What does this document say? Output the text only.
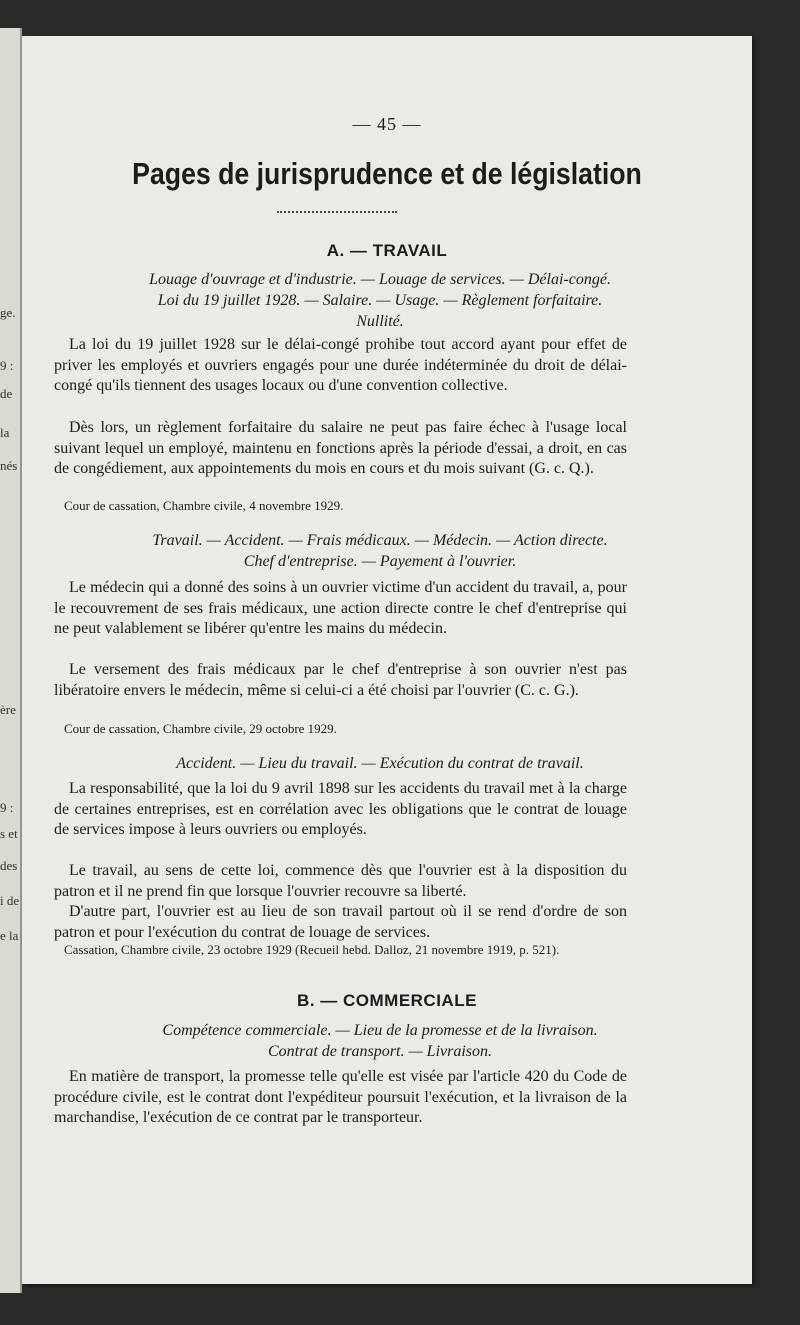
ge.
9 :
de
la
nés
ère
9 :
s et
des
i de
e la
— 45 —
Pages de jurisprudence et de législation
A. — TRAVAIL
Louage d'ouvrage et d'industrie. — Louage de services. — Délai-congé.
Loi du 19 juillet 1928. — Salaire. — Usage. — Règlement forfaitaire.
Nullité.

La loi du 19 juillet 1928 sur le délai-congé prohibe tout accord ayant pour effet de priver les employés et ouvriers engagés pour une durée indéterminée du droit de délai-congé qu'ils tiennent des usages locaux ou d'une convention collective.

Dès lors, un règlement forfaitaire du salaire ne peut pas faire échec à l'usage local suivant lequel un employé, maintenu en fonctions après la période d'essai, a droit, en cas de congédiement, aux appointements du mois en cours et du mois suivant (G. c. Q.).

Cour de cassation, Chambre civile, 4 novembre 1929.

Travail. — Accident. — Frais médicaux. — Médecin. — Action directe.
Chef d'entreprise. — Payement à l'ouvrier.

Le médecin qui a donné des soins à un ouvrier victime d'un accident du travail, a, pour le recouvrement de ses frais médicaux, une action directe contre le chef d'entreprise qui ne peut valablement se libérer qu'entre les mains du médecin.

Le versement des frais médicaux par le chef d'entreprise à son ouvrier n'est pas libératoire envers le médecin, même si celui-ci a été choisi par l'ouvrier (C. c. G.).

Cour de cassation, Chambre civile, 29 octobre 1929.

Accident. — Lieu du travail. — Exécution du contrat de travail.

La responsabilité, que la loi du 9 avril 1898 sur les accidents du travail met à la charge de certaines entreprises, est en corrélation avec les obligations que le contrat de louage de services impose à leurs ouvriers ou employés.

Le travail, au sens de cette loi, commence dès que l'ouvrier est à la disposition du patron et il ne prend fin que lorsque l'ouvrier recouvre sa liberté.

D'autre part, l'ouvrier est au lieu de son travail partout où il se rend d'ordre de son patron et pour l'exécution du contrat de louage de services.

Cassation, Chambre civile, 23 octobre 1929 (Recueil hebd. Dalloz, 21 novembre 1919, p. 521).

B. — COMMERCIALE
Compétence commerciale. — Lieu de la promesse et de la livraison.
Contrat de transport. — Livraison.

En matière de transport, la promesse telle qu'elle est visée par l'article 420 du Code de procédure civile, est le contrat dont l'expéditeur poursuit l'exécution, et la livraison de la marchandise, l'exécution de ce contrat par le transporteur.
